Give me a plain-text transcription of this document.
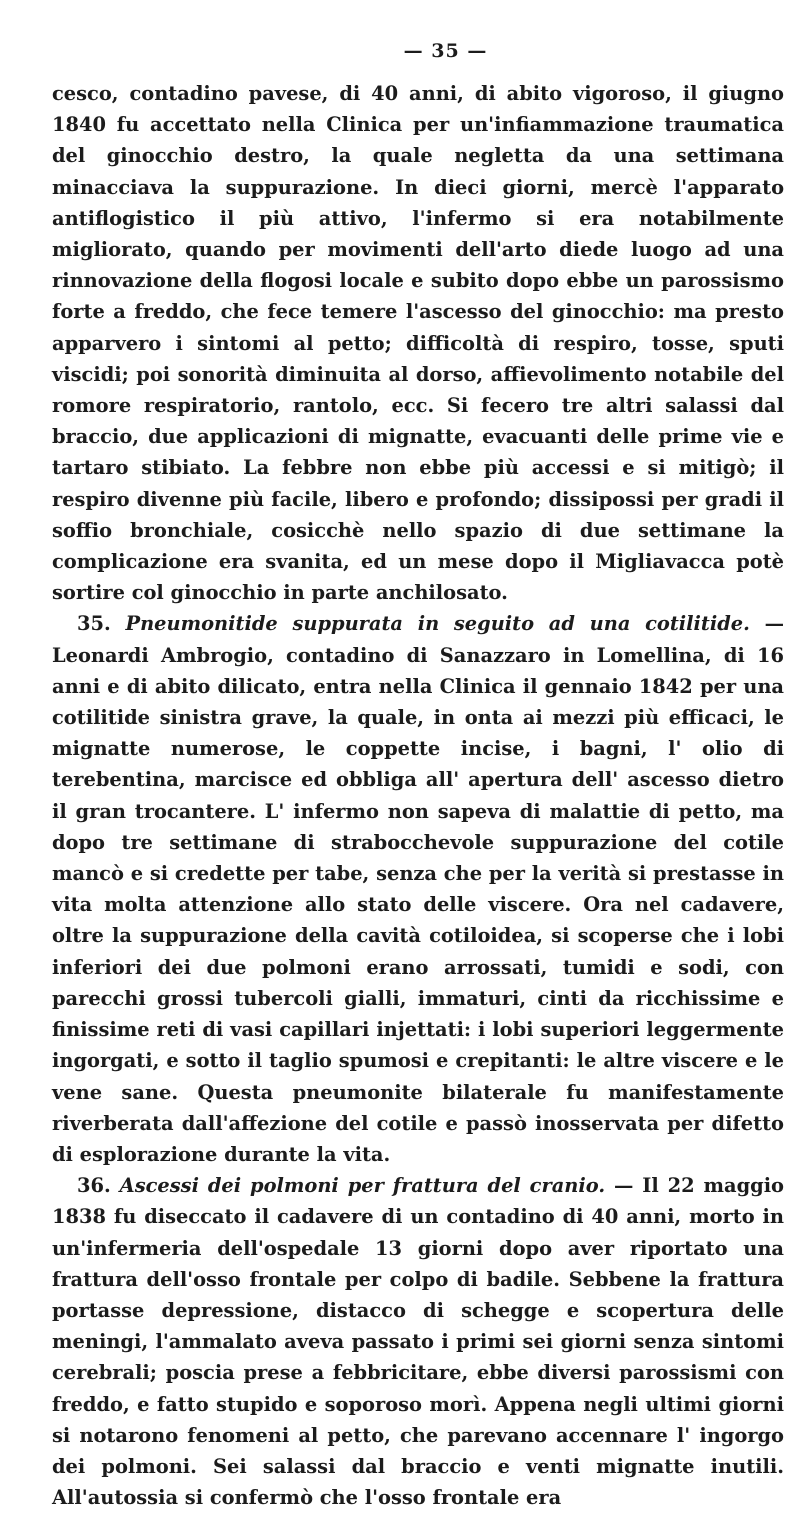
— 35 —

cesco, contadino pavese, di 40 anni, di abito vigoroso, il giugno 1840 fu accettato nella Clinica per un'infiammazione traumatica del ginocchio destro, la quale negletta da una settimana minacciava la suppurazione. In dieci giorni, mercè l'apparato antiflogistico il più attivo, l'infermo si era notabilmente migliorato, quando per movimenti dell'arto diede luogo ad una rinnovazione della flogosi locale e subito dopo ebbe un parossismo forte a freddo, che fece temere l'ascesso del ginocchio: ma presto apparvero i sintomi al petto; difficoltà di respiro, tosse, sputi viscidi; poi sonorità diminuita al dorso, affievolimento notabile del romore respiratorio, rantolo, ecc. Si fecero tre altri salassi dal braccio, due applicazioni di mignatte, evacuanti delle prime vie e tartaro stibiato. La febbre non ebbe più accessi e si mitigò; il respiro divenne più facile, libero e profondo; dissipossi per gradi il soffio bronchiale, cosicchè nello spazio di due settimane la complicazione era svanita, ed un mese dopo il Migliavacca potè sortire col ginocchio in parte anchilosato.

35. Pneumonitide suppurata in seguito ad una cotilitide. — Leonardi Ambrogio, contadino di Sanazzaro in Lomellina, di 16 anni e di abito dilicato, entra nella Clinica il gennaio 1842 per una cotilitide sinistra grave, la quale, in onta ai mezzi più efficaci, le mignatte numerose, le coppette incise, i bagni, l' olio di terebentina, marcisce ed obbliga all' apertura dell' ascesso dietro il gran trocantere. L' infermo non sapeva di malattie di petto, ma dopo tre settimane di strabocchevole suppurazione del cotile mancò e si credette per tabe, senza che per la verità si prestasse in vita molta attenzione allo stato delle viscere. Ora nel cadavere, oltre la suppurazione della cavità cotiloidea, si scoperse che i lobi inferiori dei due polmoni erano arrossati, tumidi e sodi, con parecchi grossi tubercoli gialli, immaturi, cinti da ricchissime e finissime reti di vasi capillari injettati: i lobi superiori leggermente ingorgati, e sotto il taglio spumosi e crepitanti: le altre viscere e le vene sane. Questa pneumonite bilaterale fu manifestamente riverberata dall'affezione del cotile e passò inosservata per difetto di esplorazione durante la vita.

36. Ascessi dei polmoni per frattura del cranio. — Il 22 maggio 1838 fu diseccato il cadavere di un contadino di 40 anni, morto in un'infermeria dell'ospedale 13 giorni dopo aver riportato una frattura dell'osso frontale per colpo di badile. Sebbene la frattura portasse depressione, distacco di schegge e scopertura delle meningi, l'ammalato aveva passato i primi sei giorni senza sintomi cerebrali; poscia prese a febbricitare, ebbe diversi parossismi con freddo, e fatto stupido e soporoso morì. Appena negli ultimi giorni si notarono fenomeni al petto, che parevano accennare l' ingorgo dei polmoni. Sei salassi dal braccio e venti mignatte inutili. All'autossia si confermò che l'osso frontale era
